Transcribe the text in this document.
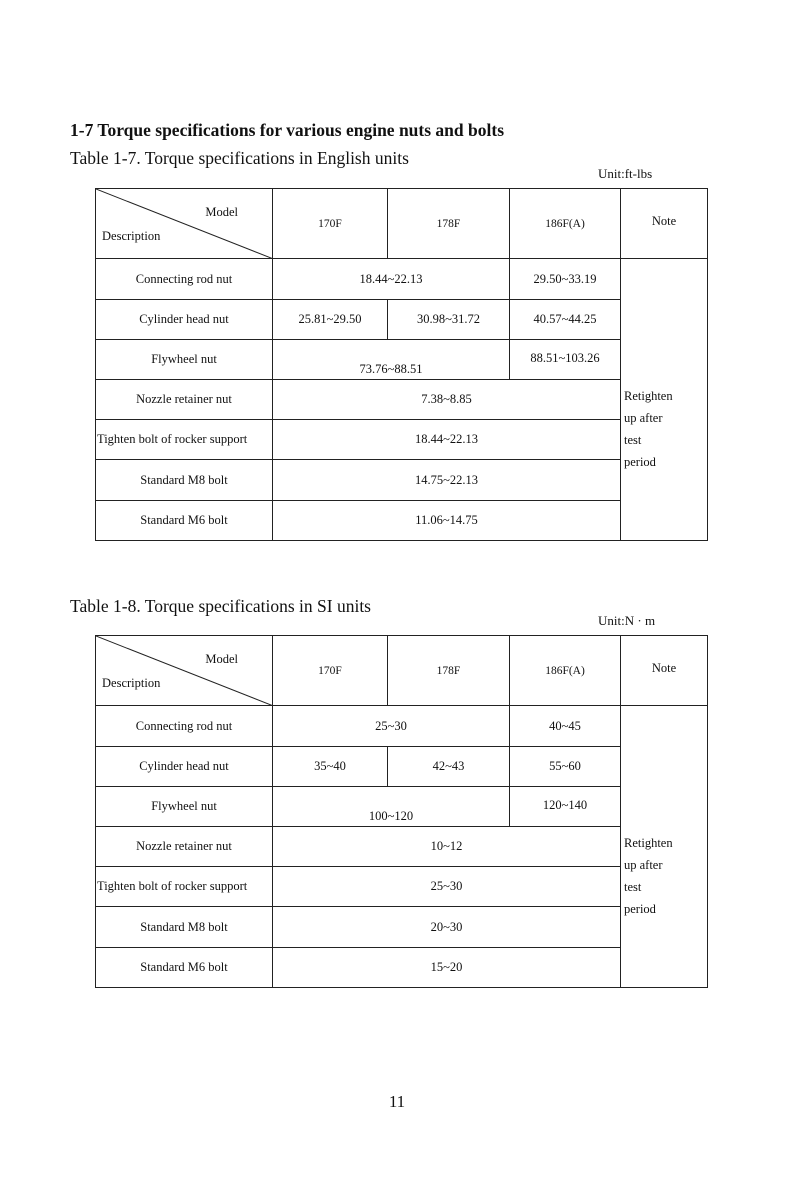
1-7 Torque specifications for various engine nuts and bolts
Table 1-7. Torque specifications in English units
Unit:ft-lbs
Model
Description	170F	178F	186F(A)	Note
Connecting rod nut	18.44~22.13		29.50~33.19	Retighten
up after
test
period

Cylinder head nut	25.81~29.50	30.98~31.72	40.57~44.25	
Flywheel nut	73.76~88.51		88.51~103.26	
Nozzle retainer nut	7.38~8.85			
Tighten bolt of rocker support	18.44~22.13			
Standard M8 bolt	14.75~22.13			
Standard M6 bolt	11.06~14.75			
Table 1-8. Torque specifications in SI units
Unit:N · m
Model
Description	170F	178F	186F(A)	Note
Connecting rod nut	25~30		40~45	Retighten
up after
test
period

Cylinder head nut	35~40	42~43	55~60	
Flywheel nut	100~120		120~140	
Nozzle retainer nut	10~12			
Tighten bolt of rocker support	25~30			
Standard M8 bolt	20~30			
Standard M6 bolt	15~20			
11
